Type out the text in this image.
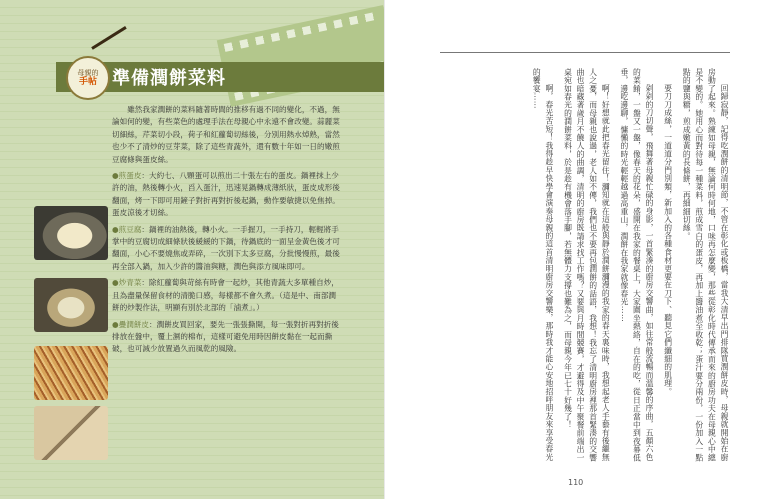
母親的
手帖 準備潤餅菜料

雖然我家潤餅的菜料隨著時間的推移有過不同的變化，不過，無論如何的變，有些菜色的處理手法在母親心中永遠不會改變。蒜麗菜切細絲，芹菜切小段，荷子和紅蘿蔔切絲後，分別用熱水焯熟，當然也少不了清炒的豆芽菜，除了這些青蔬外，還有數十年如一日的嫩煎豆腐條與蛋皮絲。

●煎蛋皮：大約七、八顆蛋可以煎出二十張左右的蛋皮。鍋裡抹上少許的油，熱後轉小火，舀入蛋汁，迅速晃鍋轉成薄紙狀，蛋皮成形後翻面，烤一下即可用鏟子對折再對折後起鍋，動作要敏捷以免焦掉。蛋皮涼後才切絲。

●煎豆腐：鍋裡的油熱後，轉小火。一手握刀，一手持刀，輕輕將手掌中的豆腐切成細條狀後緩緩的下鍋，待鍋底的一面呈金黃色後才可翻面，小心不要燒焦或弄碎，一次別下太多豆腐，分批慢慢煎，最後再全部入鍋，加入少許的醬油與糖，潤色與添方風味即可。

●炒青菜：除紅蘿蔔與苛絲有時會一起炒，其他青蔬大多單種自炒，且為盡量保留食材的清脆口感，每樣都不會久煮。（這是中、南部潤餅的炒製作法，明顯有別於北部的「滷煮」。）

●疊潤餅皮：潤餅皮買回家，要先一張張撕開，每一張對折再對折後排放在盤中，覆上濕的棉布，這樣可避免用時因餅皮黏在一起而撕破，也可減少放置過久而風乾的風險。	回歸寂靜，記得吃潤餅的清明節，不管在彰化或板橋，當我大清早出門排隊買潤餅皮時，母親就開始在廚房動了起來。熟練如母親，無論何時何地，口味再怎麼變，那些從彰化時代傳承而來的廚房功夫在母親心中總是不變的。她用心而對待每一種菜料，煎成雪白的蛋皮，再加上醬油煮至收乾；蛋汁要分兩份，一份加入一點點的鹽與糖，煎成嫩黃的長條餅，再細細切絲。

要刀刀成絲，一道道分門別類，新加入的各種食材更要在刀下、聽見它們纖細的肌理。

剁剁的刀切聲，飛舞著母親忙碌的身影，一首緊湊的廚房交響曲，如往常般流暢而溫馨的序曲，五顏六色的菜餚，一盤又一盤，像春天的花朵，盛開在我家的餐桌上，大家圍坐熱絡，自在的吃，從日正當中到夜幕低垂，邊吃邊聊，慵懶的時光輕輕越過高重山，潤餅在我家就像春光……

啊！好想就此把春光留住！瀰知就在這般與靜於潤餅瀰漫的我家的春天裏味時，我想起老人手藝有後繼無人之憂，而母親也說過，老人如不傳，我們也不要再包潤餅的話語，我想！我忘了清明廚房裡那首緊湊的交響曲也暗藏著歲月不饒人的曲調，清明的廚房既請求找工作嗎？又要與月時間競賽，才避得及中午聚餐前端出一桌宛如春光的潤餅菜料，於是趁有機會落手腳，若無體力支撐也難為之，而母親今年已七十好幾了！

啊，春光苦短！我得趁早快學會演奏母親的這首清明廚房交響樂，那時我才能心安地招呼朋友來享受春光的饗宴……

110
